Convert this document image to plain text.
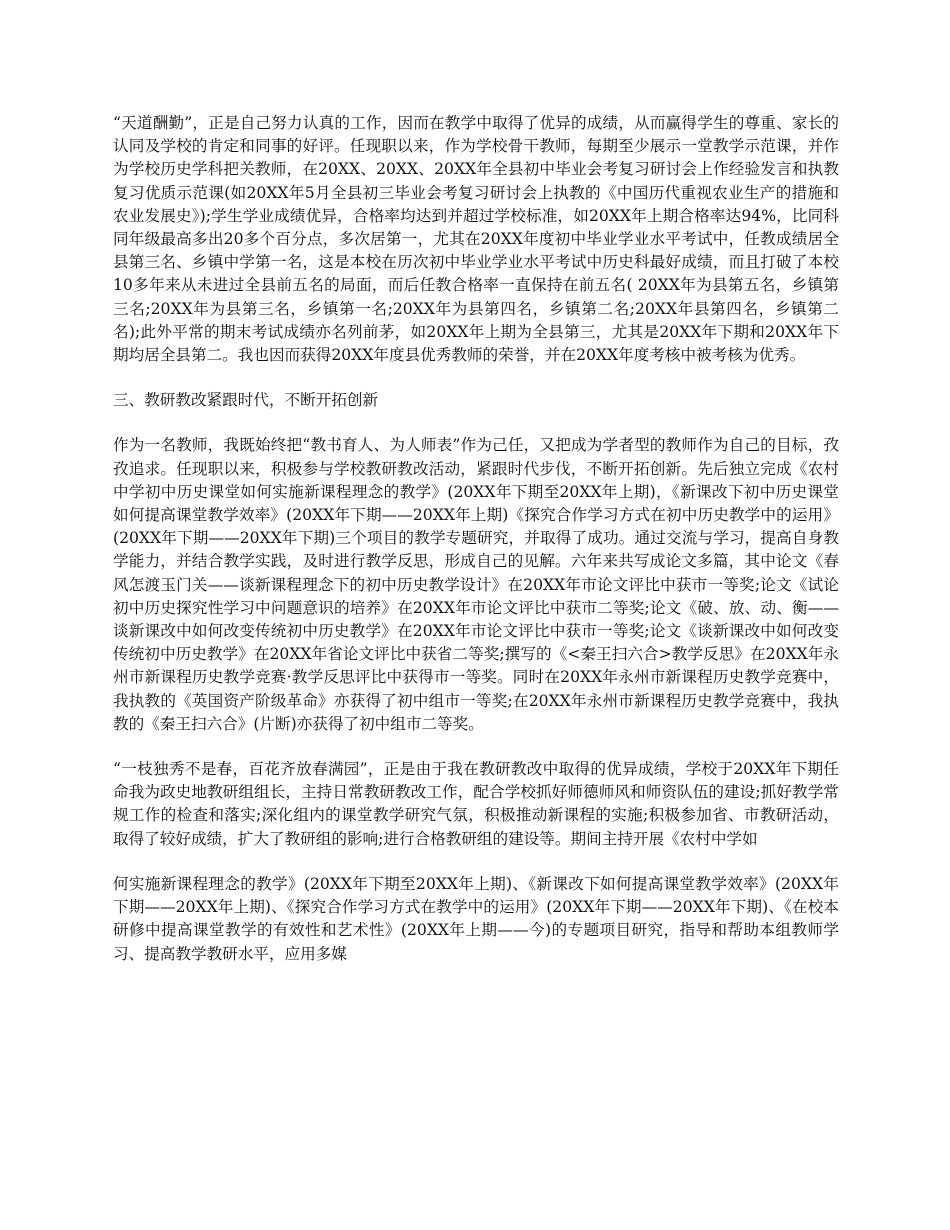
“天道酬勤”，正是自己努力认真的工作，因而在教学中取得了优异的成绩，从而赢得学生的尊重、家长的认同及学校的肯定和同事的好评。任现职以来，作为学校骨干教师，每期至少展示一堂教学示范课，并作为学校历史学科把关教师，在20XX、20XX、20XX年全县初中毕业会考复习研讨会上作经验发言和执教复习优质示范课(如20XX年5月全县初三毕业会考复习研讨会上执教的《中国历代重视农业生产的措施和农业发展史》);学生学业成绩优异，合格率均达到并超过学校标准，如20XX年上期合格率达94%，比同科同年级最高多出20多个百分点，多次居第一，尤其在20XX年度初中毕业学业水平考试中，任教成绩居全县第三名、乡镇中学第一名，这是本校在历次初中毕业学业水平考试中历史科最好成绩，而且打破了本校10多年来从未进过全县前五名的局面，而后任教合格率一直保持在前五名( 20XX年为县第五名，乡镇第三名;20XX年为县第三名，乡镇第一名;20XX年为县第四名，乡镇第二名;20XX年县第四名，乡镇第二名);此外平常的期末考试成绩亦名列前茅，如20XX年上期为全县第三，尤其是20XX年下期和20XX年下期均居全县第二。我也因而获得20XX年度县优秀教师的荣誉，并在20XX年度考核中被考核为优秀。

三、教研教改紧跟时代，不断开拓创新

作为一名教师，我既始终把“教书育人、为人师表”作为己任，又把成为学者型的教师作为自己的目标，孜孜追求。任现职以来，积极参与学校教研教改活动，紧跟时代步伐，不断开拓创新。先后独立完成《农村中学初中历史课堂如何实施新课程理念的教学》(20XX年下期至20XX年上期)，《新课改下初中历史课堂如何提高课堂教学效率》(20XX年下期——20XX年上期)《探究合作学习方式在初中历史教学中的运用》(20XX年下期——20XX年下期)三个项目的教学专题研究，并取得了成功。通过交流与学习，提高自身教学能力，并结合教学实践，及时进行教学反思，形成自己的见解。六年来共写成论文多篇，其中论文《春风怎渡玉门关——谈新课程理念下的初中历史教学设计》在20XX年市论文评比中获市一等奖;论文《试论初中历史探究性学习中问题意识的培养》在20XX年市论文评比中获市二等奖;论文《破、放、动、衡——谈新课改中如何改变传统初中历史教学》在20XX年市论文评比中获市一等奖;论文《谈新课改中如何改变传统初中历史教学》在20XX年省论文评比中获省二等奖;撰写的《<秦王扫六合>教学反思》在20XX年永州市新课程历史教学竞赛·教学反思评比中获得市一等奖。同时在20XX年永州市新课程历史教学竞赛中，我执教的《英国资产阶级革命》亦获得了初中组市一等奖;在20XX年永州市新课程历史教学竞赛中，我执教的《秦王扫六合》(片断)亦获得了初中组市二等奖。

“一枝独秀不是春，百花齐放春满园”，正是由于我在教研教改中取得的优异成绩，学校于20XX年下期任命我为政史地教研组组长，主持日常教研教改工作，配合学校抓好师德师风和师资队伍的建设;抓好教学常规工作的检查和落实;深化组内的课堂教学研究气氛，积极推动新课程的实施;积极参加省、市教研活动，取得了较好成绩，扩大了教研组的影响;进行合格教研组的建设等。期间主持开展《农村中学如

何实施新课程理念的教学》(20XX年下期至20XX年上期)、《新课改下如何提高课堂教学效率》(20XX年下期——20XX年上期)、《探究合作学习方式在教学中的运用》(20XX年下期——20XX年下期)、《在校本研修中提高课堂教学的有效性和艺术性》(20XX年上期——今)的专题项目研究，指导和帮助本组教师学习、提高教学教研水平，应用多媒
